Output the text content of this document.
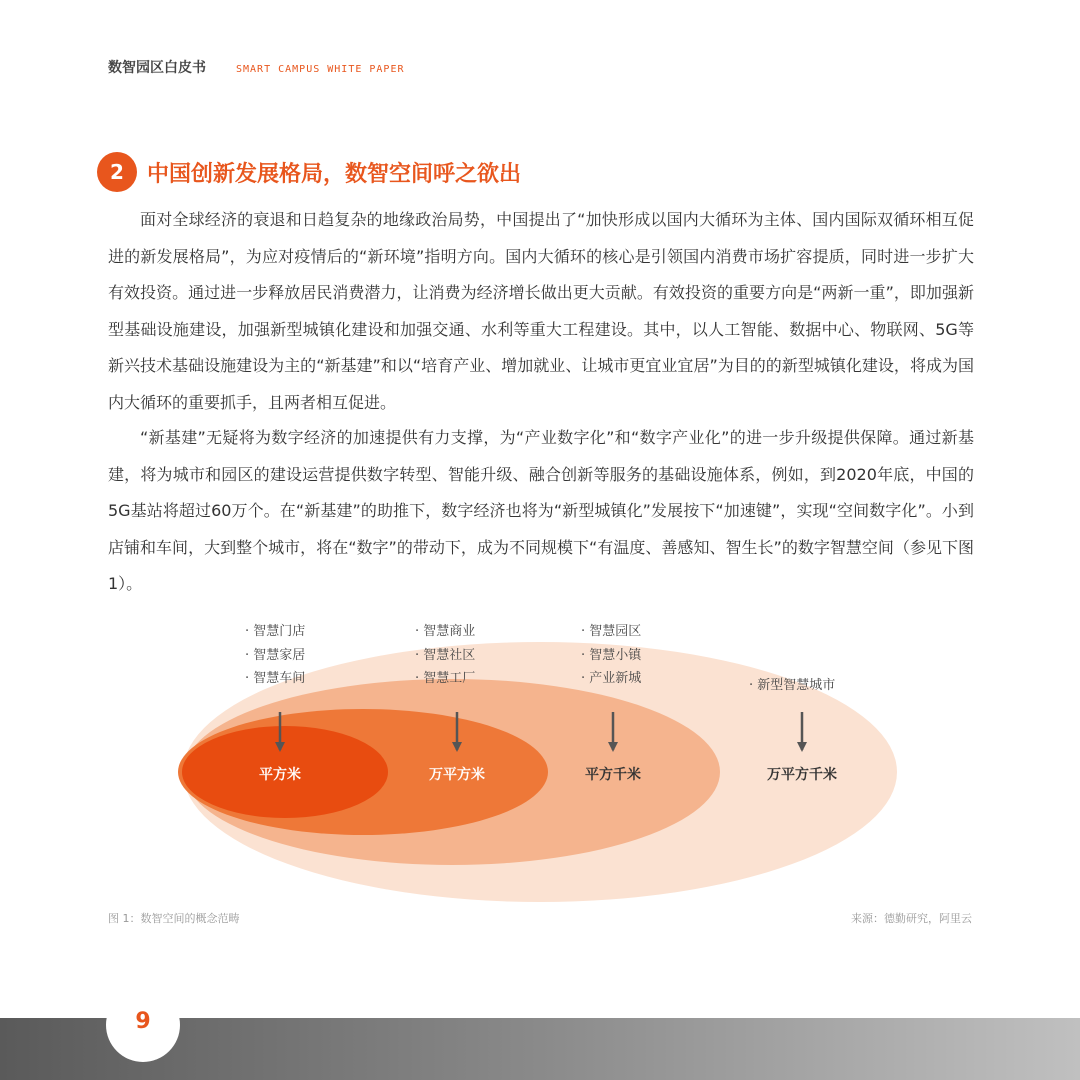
数智园区白皮书	SMART CAMPUS WHITE PAPER
2	中国创新发展格局，数智空间呼之欲出

面对全球经济的衰退和日趋复杂的地缘政治局势，中国提出了“加快形成以国内大循环为主体、国内国际双循环相互促进的新发展格局”，为应对疫情后的“新环境”指明方向。国内大循环的核心是引领国内消费市场扩容提质，同时进一步扩大有效投资。通过进一步释放居民消费潜力，让消费为经济增长做出更大贡献。有效投资的重要方向是“两新一重”，即加强新型基础设施建设，加强新型城镇化建设和加强交通、水利等重大工程建设。其中，以人工智能、数据中心、物联网、5G等新兴技术基础设施建设为主的“新基建”和以“培育产业、增加就业、让城市更宜业宜居”为目的的新型城镇化建设，将成为国内大循环的重要抓手，且两者相互促进。

“新基建”无疑将为数字经济的加速提供有力支撑，为“产业数字化”和“数字产业化”的进一步升级提供保障。通过新基建，将为城市和园区的建设运营提供数字转型、智能升级、融合创新等服务的基础设施体系，例如，到2020年底，中国的5G基站将超过60万个。在“新基建”的助推下，数字经济也将为“新型城镇化”发展按下“加速键”，实现“空间数字化”。小到店铺和车间，大到整个城市，将在“数字”的带动下，成为不同规模下“有温度、善感知、智生长”的数字智慧空间（参见下图1）。

· 智慧门店
· 智慧家居
· 智慧车间
平方米
· 智慧商业
· 智慧社区
· 智慧工厂
万平方米
· 智慧园区
· 智慧小镇
· 产业新城
平方千米
· 新型智慧城市
万平方千米
图 1：数智空间的概念范畴	来源：德勤研究，阿里云
9
